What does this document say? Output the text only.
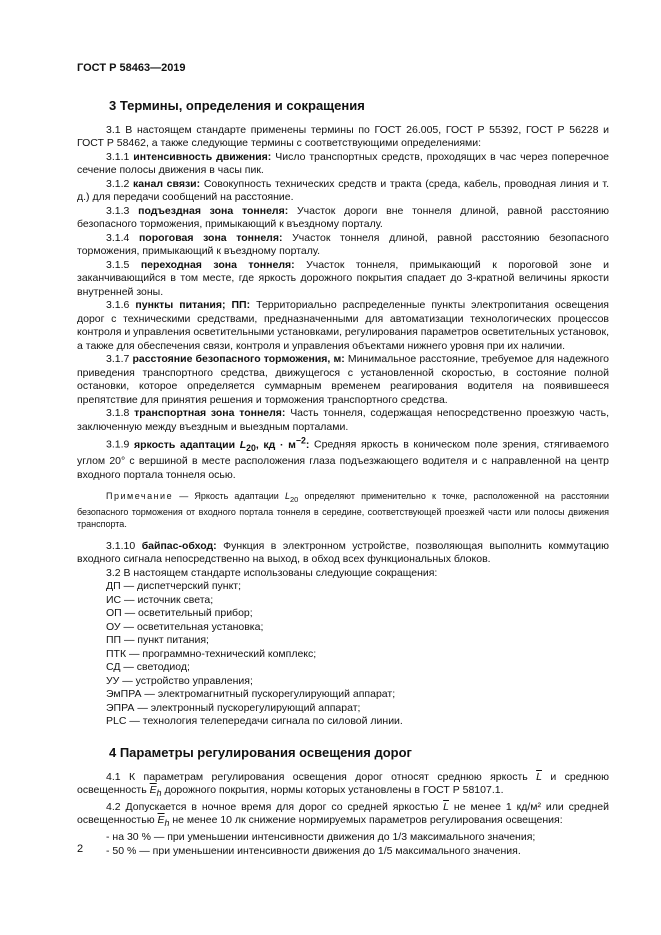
ГОСТ Р 58463—2019
3 Термины, определения и сокращения

3.1 В настоящем стандарте применены термины по ГОСТ 26.005, ГОСТ Р 55392, ГОСТ Р 56228 и ГОСТ Р 58462, а также следующие термины с соответствующими определениями:

3.1.1 интенсивность движения: Число транспортных средств, проходящих в час через поперечное сечение полосы движения в часы пик.

3.1.2 канал связи: Совокупность технических средств и тракта (среда, кабель, проводная линия и т. д.) для передачи сообщений на расстояние.

3.1.3 подъездная зона тоннеля: Участок дороги вне тоннеля длиной, равной расстоянию безопасного торможения, примыкающий к въездному порталу.

3.1.4 пороговая зона тоннеля: Участок тоннеля длиной, равной расстоянию безопасного торможения, примыкающий к въездному порталу.

3.1.5 переходная зона тоннеля: Участок тоннеля, примыкающий к пороговой зоне и заканчивающийся в том месте, где яркость дорожного покрытия спадает до 3-кратной величины яркости внутренней зоны.

3.1.6 пункты питания; ПП: Территориально распределенные пункты электропитания освещения дорог с техническими средствами, предназначенными для автоматизации технологических процессов контроля и управления осветительными установками, регулирования параметров осветительных установок, а также для обеспечения связи, контроля и управления объектами нижнего уровня при их наличии.

3.1.7 расстояние безопасного торможения, м: Минимальное расстояние, требуемое для надежного приведения транспортного средства, движущегося с установленной скоростью, в состояние полной остановки, которое определяется суммарным временем реагирования водителя на появившееся препятствие для принятия решения и торможения транспортного средства.

3.1.8 транспортная зона тоннеля: Часть тоннеля, содержащая непосредственно проезжую часть, заключенную между въездным и выездным порталами.

3.1.9 яркость адаптации $L_{20}$, кд · $м^{-2}$: Средняя яркость в коническом поле зрения, стягиваемого углом 20° с вершиной в месте расположения глаза подъезжающего водителя и с направленной на центр входного портала тоннеля осью.

Примечание — Яркость адаптации $L_{20}$ определяют применительно к точке, расположенной на расстоянии безопасного торможения от входного портала тоннеля в середине, соответствующей проезжей части или полосы движения транспорта.

3.1.10 байпас-обход: Функция в электронном устройстве, позволяющая выполнить коммутацию входного сигнала непосредственно на выход, в обход всех функциональных блоков.

3.2 В настоящем стандарте использованы следующие сокращения:

ДП — диспетчерский пункт;

ИС — источник света;

ОП — осветительный прибор;

ОУ — осветительная установка;

ПП — пункт питания;

ПТК — программно-технический комплекс;

СД — светодиод;

УУ — устройство управления;

ЭмПРА — электромагнитный пускорегулирующий аппарат;

ЭПРА — электронный пускорегулирующий аппарат;

PLC — технология телепередачи сигнала по силовой линии.

4 Параметры регулирования освещения дорог

4.1 К параметрам регулирования освещения дорог относят среднюю яркость $\overline{L}$ и среднюю освещенность $\overline{E}_h$ дорожного покрытия, нормы которых установлены в ГОСТ Р 58107.1.

4.2 Допускается в ночное время для дорог со средней яркостью $\overline{L}$ не менее 1 кд/м² или средней освещенностью $\overline{E}_h$ не менее 10 лк снижение нормируемых параметров регулирования освещения:

- на 30 % — при уменьшении интенсивности движения до 1/3 максимального значения;

- 50 % — при уменьшении интенсивности движения до 1/5 максимального значения.

2
